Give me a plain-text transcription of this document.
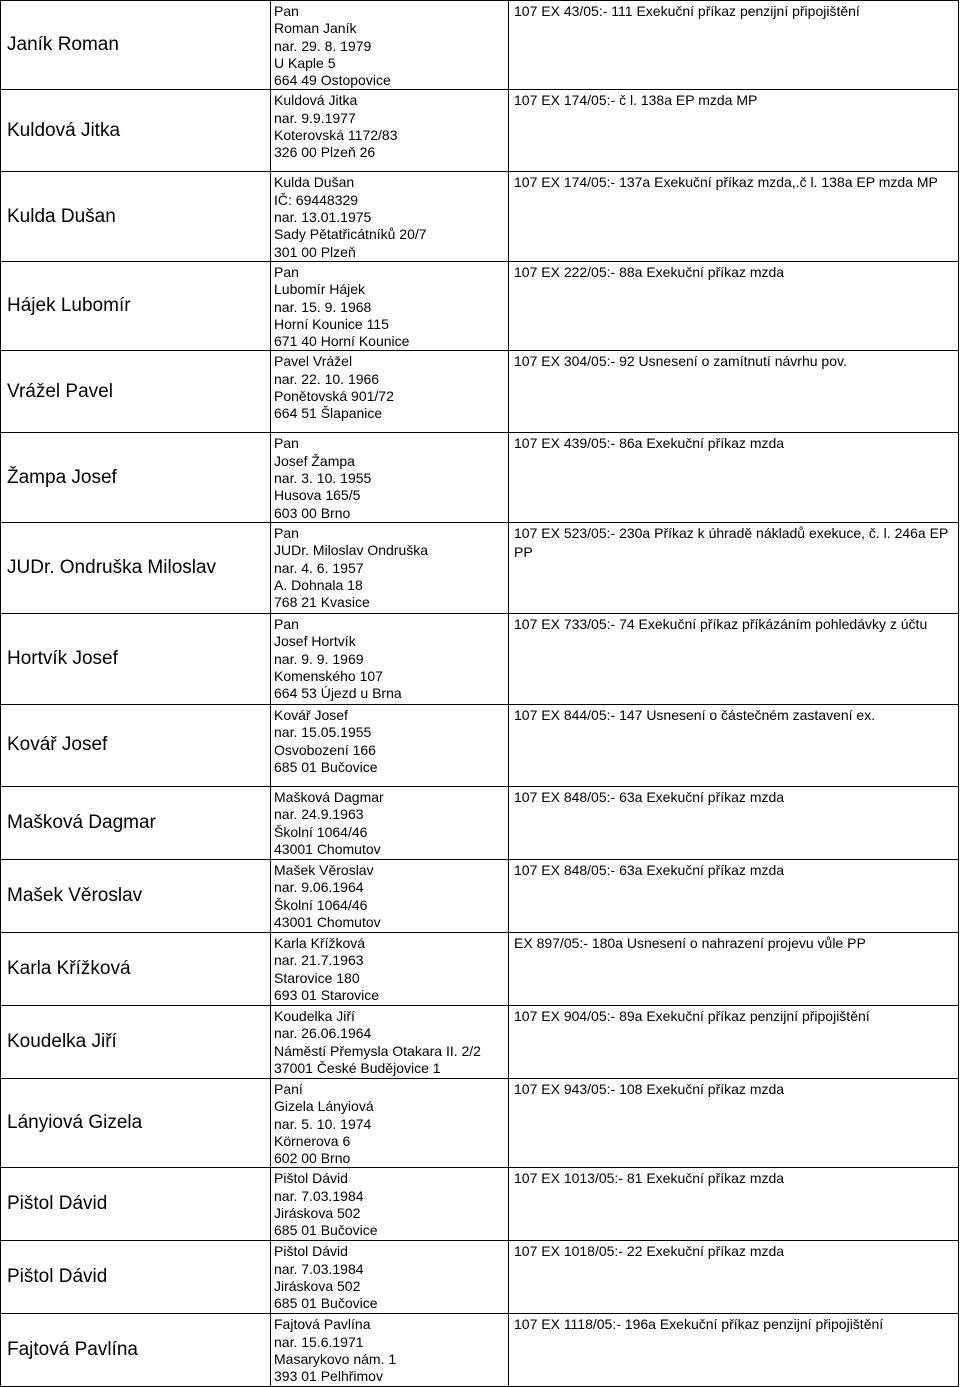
Janík Roman	Pan
Roman Janík
nar. 29. 8. 1979
U Kaple 5
664 49 Ostopovice	107 EX 43/05:- 111 Exekuční příkaz penzijní připojištění
Kuldová Jitka	Kuldová Jitka
nar. 9.9.1977
Koterovská 1172/83
326 00 Plzeň 26	107 EX 174/05:- č l. 138a EP mzda MP
Kulda Dušan	Kulda Dušan
IČ: 69448329
nar. 13.01.1975
Sady Pětatřicátníků 20/7
301 00 Plzeň	107 EX 174/05:- 137a Exekuční příkaz mzda,.č l. 138a EP mzda MP
Hájek Lubomír	Pan
Lubomír Hájek
nar. 15. 9. 1968
Horní Kounice 115
671 40 Horní Kounice	107 EX 222/05:- 88a Exekuční příkaz mzda
Vrážel Pavel	Pavel Vrážel
nar. 22. 10. 1966
Ponětovská 901/72
664 51 Šlapanice	107 EX 304/05:- 92 Usnesení o zamítnutí návrhu pov.
Žampa Josef	Pan
Josef Žampa
nar. 3. 10. 1955
Husova 165/5
603 00 Brno	107 EX 439/05:- 86a Exekuční příkaz mzda
JUDr. Ondruška Miloslav	Pan
JUDr. Miloslav Ondruška
nar. 4. 6. 1957
A. Dohnala 18
768 21 Kvasice	107 EX 523/05:- 230a Příkaz k úhradě nákladů exekuce, č. l. 246a EP PP
Hortvík Josef	Pan
Josef Hortvík
nar. 9. 9. 1969
Komenského 107
664 53 Újezd u Brna	107 EX 733/05:- 74 Exekuční příkaz příkázáním pohledávky z účtu
Kovář Josef	Kovář Josef
nar. 15.05.1955
Osvobození 166
685 01 Bučovice	107 EX 844/05:- 147 Usnesení o částečném zastavení ex.
Mašková Dagmar	Mašková Dagmar
nar. 24.9.1963
Školní 1064/46
43001 Chomutov	107 EX 848/05:- 63a Exekuční příkaz mzda
Mašek Věroslav	Mašek Věroslav
nar. 9.06.1964
Školní 1064/46
43001 Chomutov	107 EX 848/05:- 63a Exekuční příkaz mzda
Karla Křížková	Karla Křížková
nar. 21.7.1963
Starovice 180
693 01 Starovice	EX 897/05:- 180a Usnesení o nahrazení projevu vůle PP
Koudelka Jiří	Koudelka Jiří
nar. 26.06.1964
Náměstí Přemysla Otakara II. 2/2
37001 České Budějovice 1	107 EX 904/05:- 89a Exekuční příkaz penzijní připojištění
Lányiová Gizela	Paní
Gizela Lányiová
nar. 5. 10. 1974
Körnerova 6
602 00 Brno	107 EX 943/05:- 108 Exekuční příkaz mzda
Pištol Dávid	Pištol Dávid
nar. 7.03.1984
Jiráskova 502
685 01 Bučovice	107 EX 1013/05:- 81 Exekuční příkaz mzda
Pištol Dávid	Pištol Dávid
nar. 7.03.1984
Jiráskova 502
685 01 Bučovice	107 EX 1018/05:- 22 Exekuční příkaz mzda
Fajtová Pavlína	Fajtová Pavlína
nar. 15.6.1971
Masarykovo nám. 1
393 01 Pelhřimov	107 EX 1118/05:- 196a Exekuční příkaz penzijní připojištění
